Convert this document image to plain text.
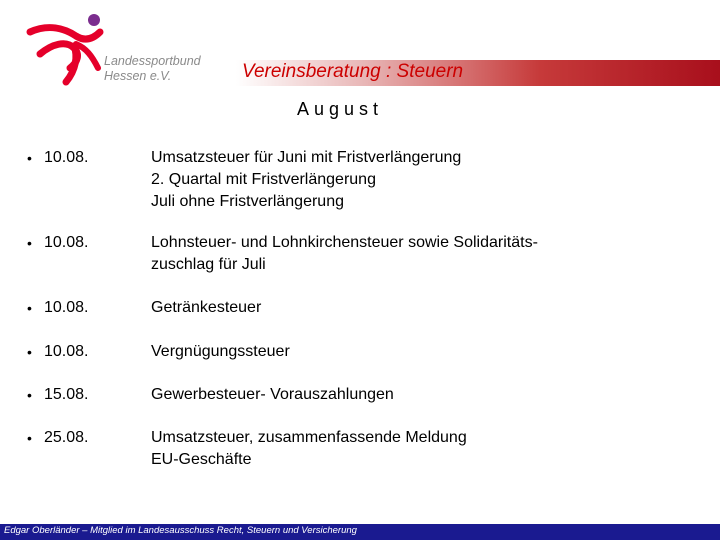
Landessportbund
Hessen e.V.	Vereinsberatung : Steuern
August
• 10.08.	Umsatzsteuer für Juni mit Fristverlängerung
2. Quartal mit Fristverlängerung
Juli ohne Fristverlängerung
• 10.08.	Lohnsteuer- und Lohnkirchensteuer sowie Solidaritäts-
zuschlag für Juli
• 10.08.	Getränkesteuer
• 10.08.	Vergnügungssteuer
• 15.08.	Gewerbesteuer- Vorauszahlungen
• 25.08.	Umsatzsteuer, zusammenfassende Meldung
EU-Geschäfte
Edgar Oberländer – Mitglied im Landesausschuss Recht, Steuern und Versicherung
